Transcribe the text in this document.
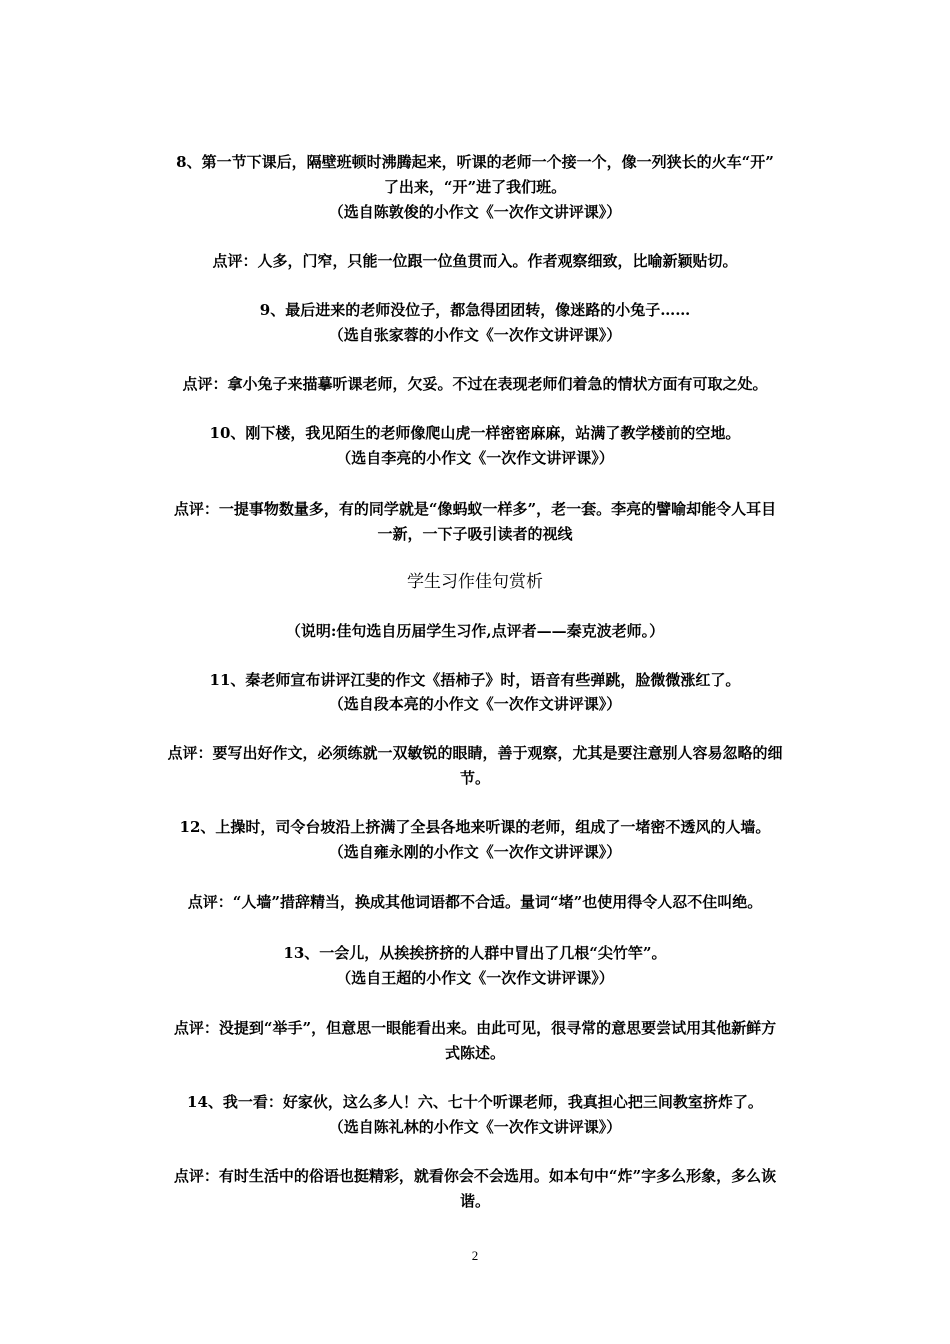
8、第一节下课后，隔壁班顿时沸腾起来，听课的老师一个接一个，像一列狭长的火车“开”
了出来，“开”进了我们班。
（选自陈敦俊的小作文《一次作文讲评课》）
点评：人多，门窄，只能一位跟一位鱼贯而入。作者观察细致，比喻新颖贴切。
9、最后进来的老师没位子，都急得团团转，像迷路的小兔子……
（选自张家蓉的小作文《一次作文讲评课》）
点评：拿小兔子来描摹听课老师，欠妥。不过在表现老师们着急的情状方面有可取之处。
10、刚下楼，我见陌生的老师像爬山虎一样密密麻麻，站满了教学楼前的空地。
（选自李亮的小作文《一次作文讲评课》）
点评：一提事物数量多，有的同学就是“像蚂蚁一样多”，老一套。李亮的譬喻却能令人耳目
一新，一下子吸引读者的视线
学生习作佳句赏析
（说明:佳句选自历届学生习作,点评者——秦克波老师。）
11、秦老师宣布讲评江斐的作文《捂柿子》时，语音有些弹跳，脸微微涨红了。
（选自段本亮的小作文《一次作文讲评课》）
点评：要写出好作文，必须练就一双敏锐的眼睛，善于观察，尤其是要注意别人容易忽略的细
节。
12、上操时，司令台坡沿上挤满了全县各地来听课的老师，组成了一堵密不透风的人墙。
（选自雍永刚的小作文《一次作文讲评课》）
点评：“人墙”措辞精当，换成其他词语都不合适。量词“堵”也使用得令人忍不住叫绝。
13、一会儿，从挨挨挤挤的人群中冒出了几根“尖竹竿”。
（选自王超的小作文《一次作文讲评课》）
点评：没提到“举手”，但意思一眼能看出来。由此可见，很寻常的意思要尝试用其他新鲜方
式陈述。
14、我一看：好家伙，这么多人！六、七十个听课老师，我真担心把三间教室挤炸了。
（选自陈礼林的小作文《一次作文讲评课》）
点评：有时生活中的俗语也挺精彩，就看你会不会选用。如本句中“炸”字多么形象，多么诙
谐。
2
